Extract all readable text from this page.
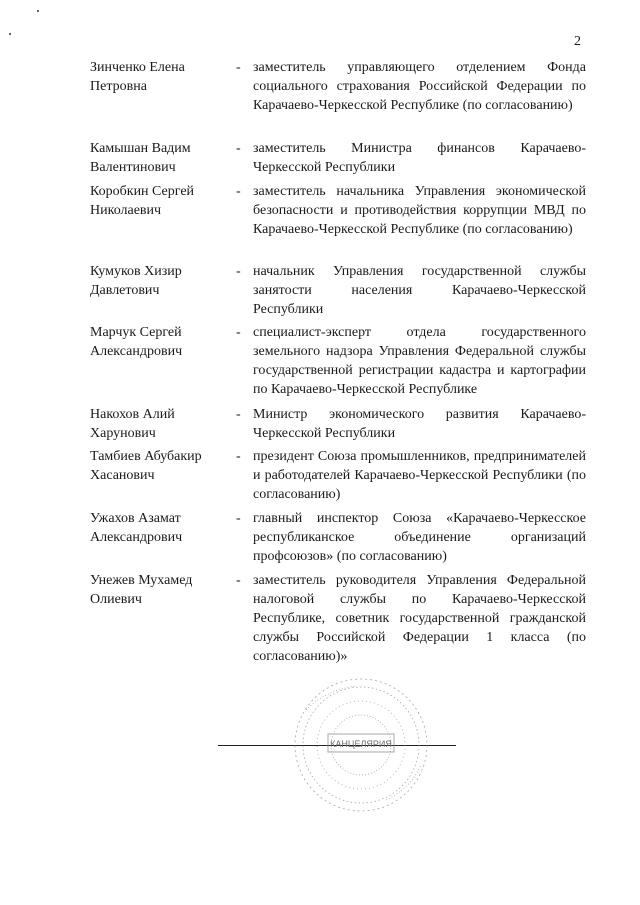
2
Зинченко Елена Петровна
- заместитель управляющего отделением Фонда социального страхования Российской Федерации по Карачаево-Черкесской Республике (по согласованию)
Камышан Вадим Валентинович
- заместитель Министра финансов Карачаево-Черкесской Республики
Коробкин Сергей Николаевич
- заместитель начальника Управления экономической безопасности и противодействия коррупции МВД по Карачаево-Черкесской Республике (по согласованию)
Кумуков Хизир Давлетович
- начальник Управления государственной службы занятости населения Карачаево-Черкесской Республики
Марчук Сергей Александрович
- специалист-эксперт отдела государственного земельного надзора Управления Федеральной службы государственной регистрации кадастра и картографии по Карачаево-Черкесской Республике
Накохов Алий Харунович
- Министр экономического развития Карачаево-Черкесской Республики
Тамбиев Абубакир Хасанович
- президент Союза промышленников, предпринимателей и работодателей Карачаево-Черкесской Республики (по согласованию)
Ужахов Азамат Александрович
- главный инспектор Союза «Карачаево-Черкесское республиканское объединение организаций профсоюзов» (по согласованию)
Унежев Мухамед Олиевич
- заместитель руководителя Управления Федеральной налоговой службы по Карачаево-Черкесской Республике, советник государственной гражданской службы Российской Федерации 1 класса (по согласованию)»
КАНЦЕЛЯРИЯ
